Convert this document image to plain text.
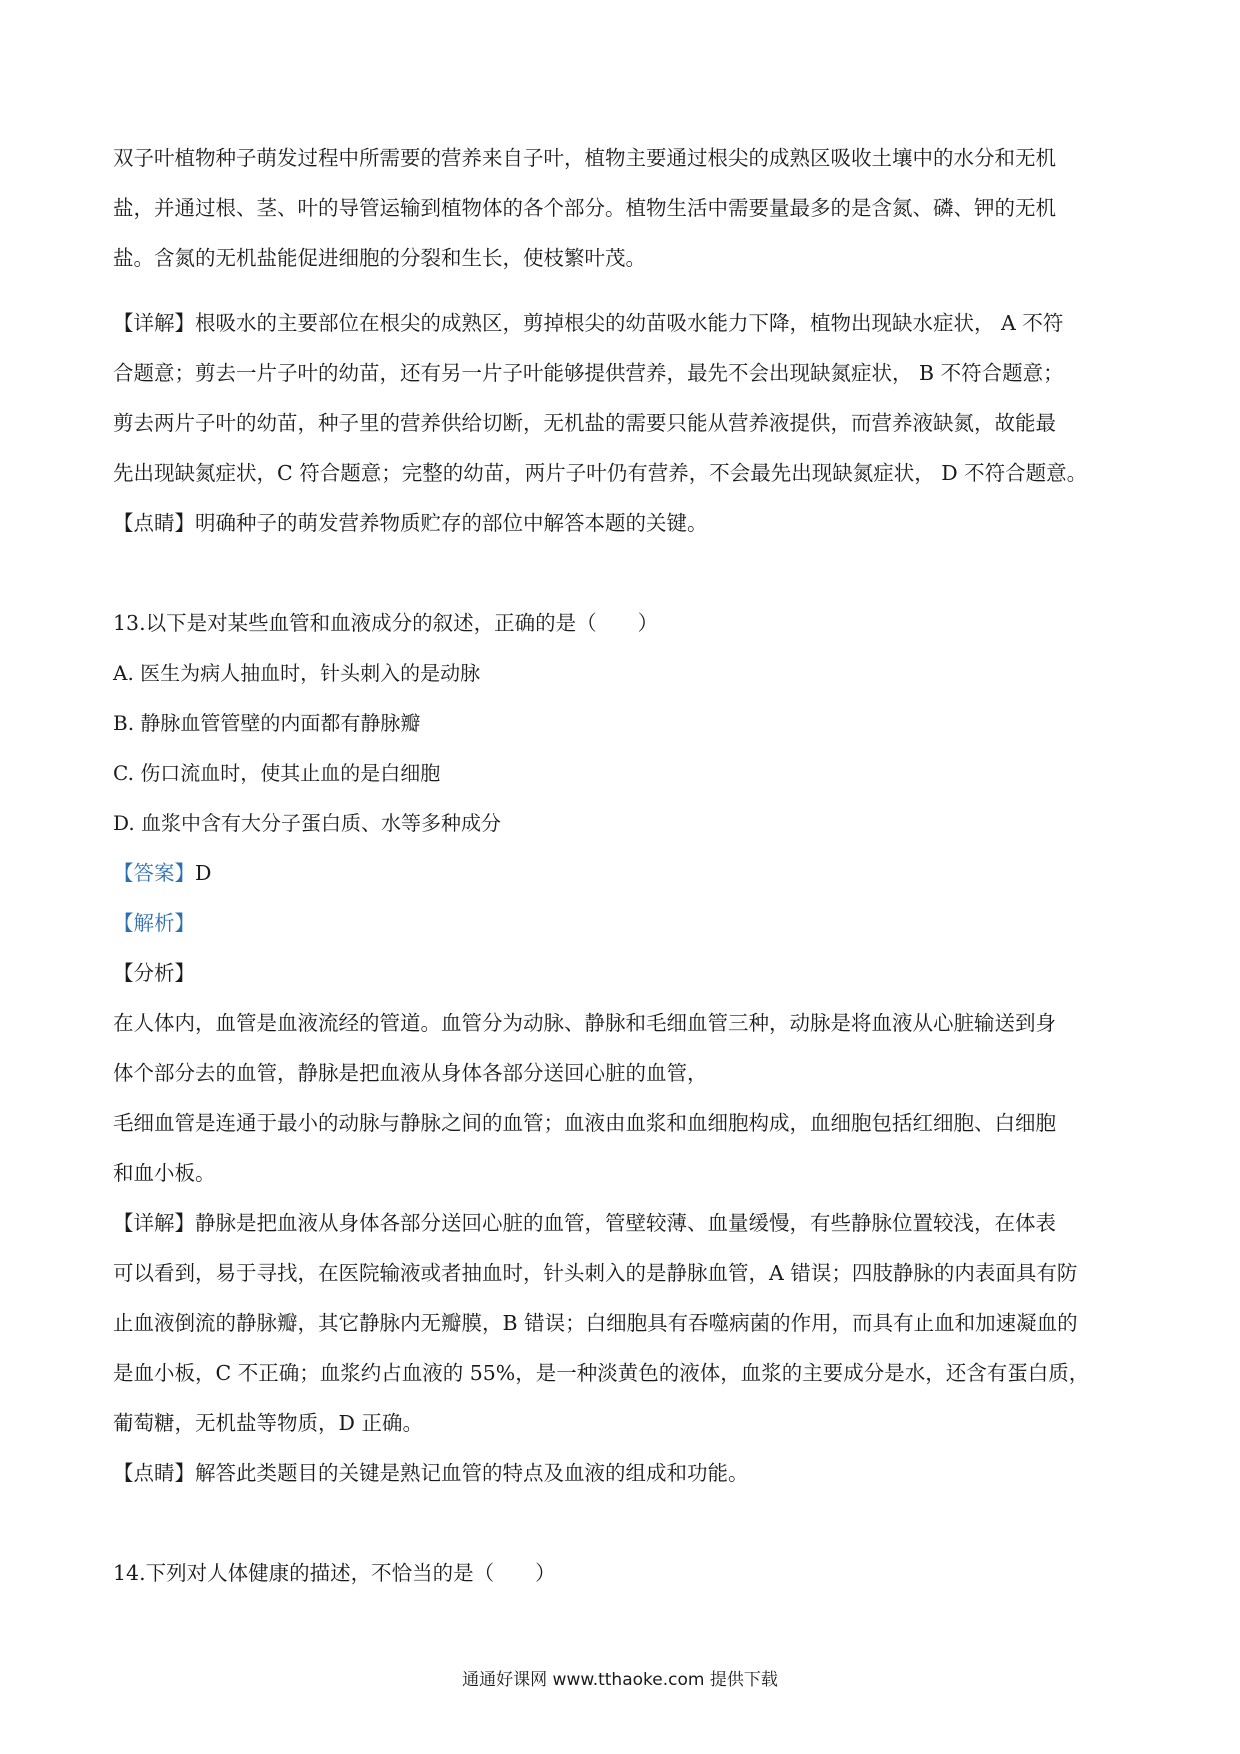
双子叶植物种子萌发过程中所需要的营养来自子叶，植物主要通过根尖的成熟区吸收土壤中的水分和无机

盐，并通过根、茎、叶的导管运输到植物体的各个部分。植物生活中需要量最多的是含氮、磷、钾的无机

盐。含氮的无机盐能促进细胞的分裂和生长，使枝繁叶茂。

【详解】根吸水的主要部位在根尖的成熟区，剪掉根尖的幼苗吸水能力下降，植物出现缺水症状， A 不符

合题意；剪去一片子叶的幼苗，还有另一片子叶能够提供营养，最先不会出现缺氮症状， B 不符合题意；

剪去两片子叶的幼苗，种子里的营养供给切断，无机盐的需要只能从营养液提供，而营养液缺氮，故能最

先出现缺氮症状，C 符合题意；完整的幼苗，两片子叶仍有营养，不会最先出现缺氮症状， D 不符合题意。

【点睛】明确种子的萌发营养物质贮存的部位中解答本题的关键。

13.以下是对某些血管和血液成分的叙述，正确的是（　　）

A. 医生为病人抽血时，针头刺入的是动脉

B. 静脉血管管壁的内面都有静脉瓣

C. 伤口流血时，使其止血的是白细胞

D. 血浆中含有大分子蛋白质、水等多种成分

【答案】D

【解析】

【分析】

在人体内，血管是血液流经的管道。血管分为动脉、静脉和毛细血管三种，动脉是将血液从心脏输送到身

体个部分去的血管，静脉是把血液从身体各部分送回心脏的血管，

毛细血管是连通于最小的动脉与静脉之间的血管；血液由血浆和血细胞构成，血细胞包括红细胞、白细胞

和血小板。

【详解】静脉是把血液从身体各部分送回心脏的血管，管壁较薄、血量缓慢，有些静脉位置较浅，在体表

可以看到，易于寻找，在医院输液或者抽血时，针头刺入的是静脉血管，A 错误；四肢静脉的内表面具有防

止血液倒流的静脉瓣，其它静脉内无瓣膜，B 错误；白细胞具有吞噬病菌的作用，而具有止血和加速凝血的

是血小板，C 不正确；血浆约占血液的 55%，是一种淡黄色的液体，血浆的主要成分是水，还含有蛋白质，

葡萄糖，无机盐等物质，D 正确。

【点睛】解答此类题目的关键是熟记血管的特点及血液的组成和功能。

14.下列对人体健康的描述，不恰当的是（　　）

通通好课网 www.tthaoke.com 提供下载
